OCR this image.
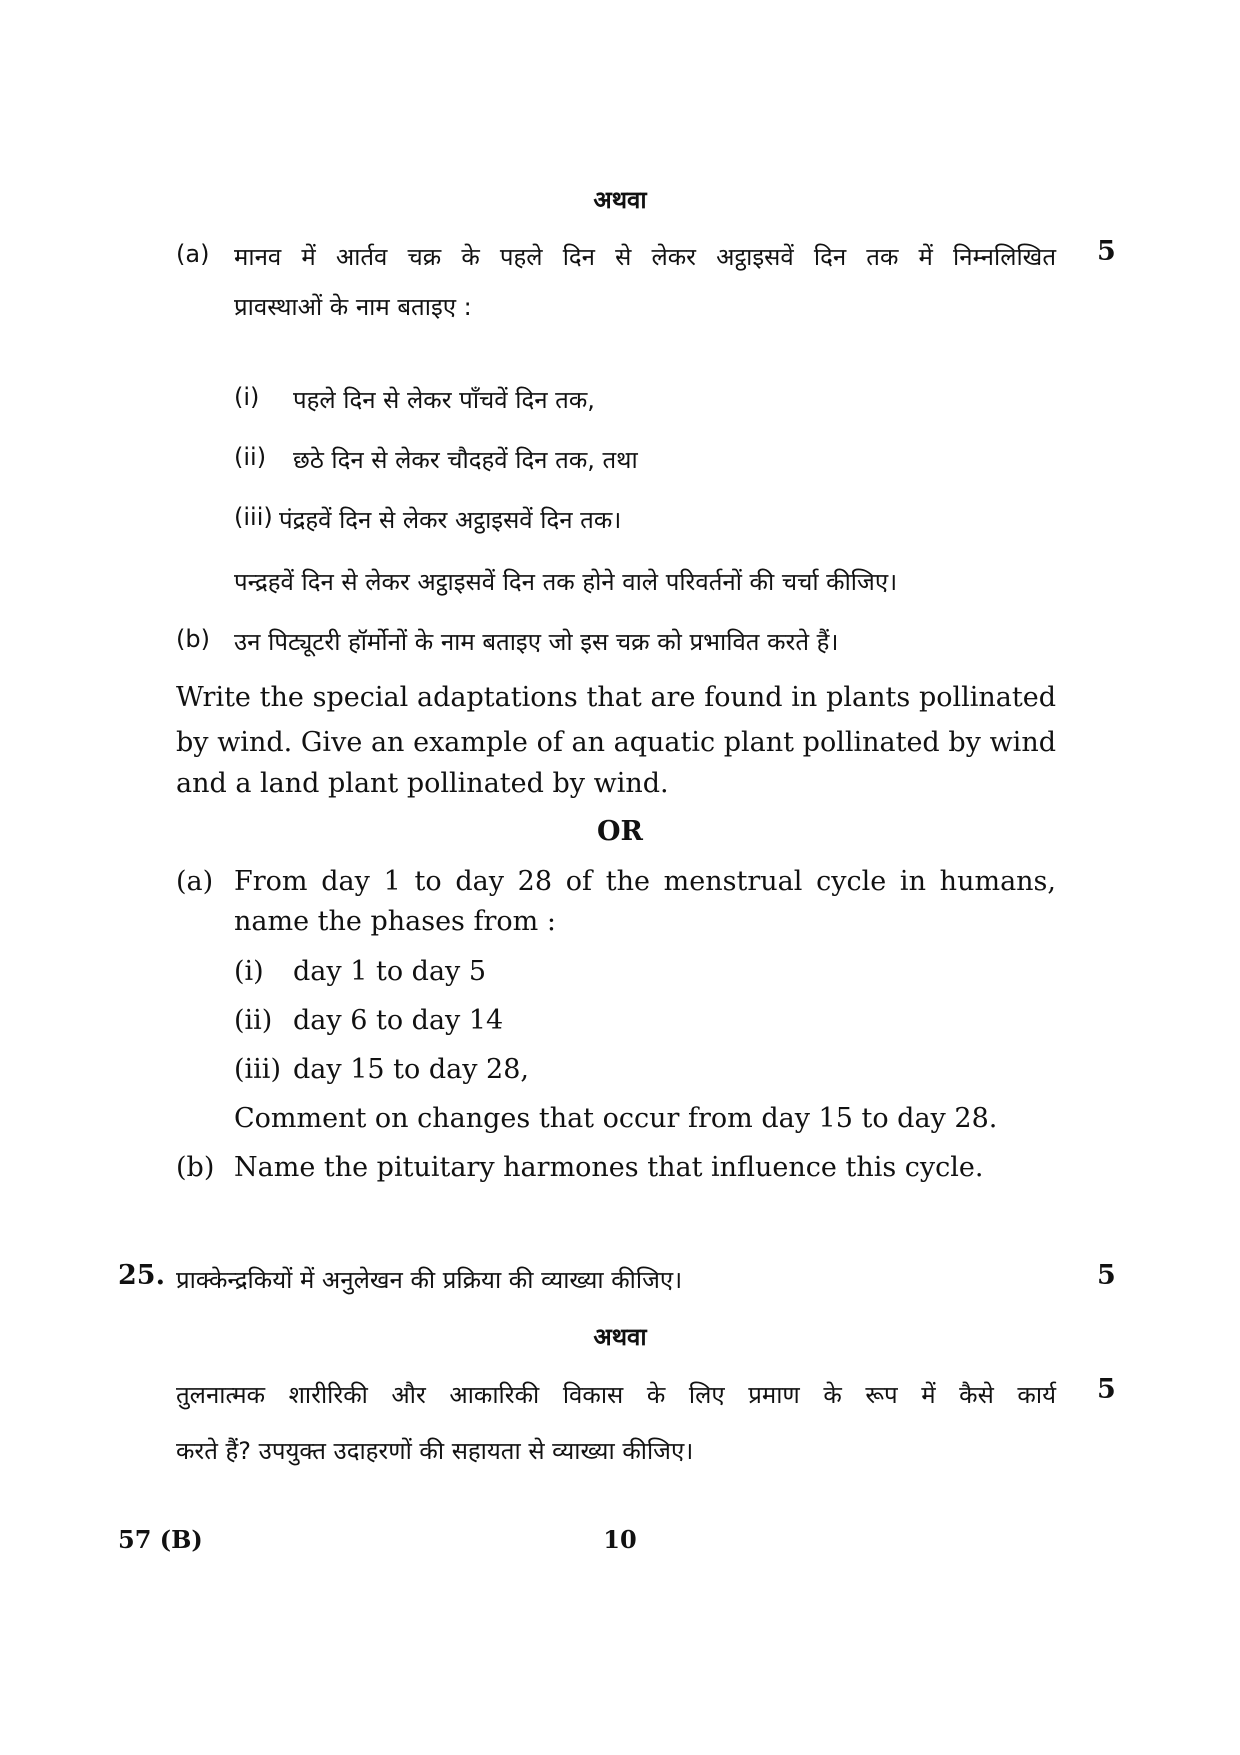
अथवा
(a) मानव में आर्तव चक्र के पहले दिन से लेकर अट्ठाइसवें दिन तक में निम्नलिखित 5
प्रावस्थाओं के नाम बताइए :
(i) पहले दिन से लेकर पाँचवें दिन तक,
(ii) छठे दिन से लेकर चौदहवें दिन तक, तथा
(iii) पंद्रहवें दिन से लेकर अट्ठाइसवें दिन तक।
पन्द्रहवें दिन से लेकर अट्ठाइसवें दिन तक होने वाले परिवर्तनों की चर्चा कीजिए।
(b) उन पिट्यूटरी हॉर्मोनों के नाम बताइए जो इस चक्र को प्रभावित करते हैं।
Write the special adaptations that are found in plants pollinated
by wind. Give an example of an aquatic plant pollinated by wind
and a land plant pollinated by wind.
OR
(a) From day 1 to day 28 of the menstrual cycle in humans,
name the phases from :
(i) day 1 to day 5
(ii) day 6 to day 14
(iii) day 15 to day 28,
Comment on changes that occur from day 15 to day 28.
(b) Name the pituitary harmones that influence this cycle.
25. प्राक्केन्द्रकियों में अनुलेखन की प्रक्रिया की व्याख्या कीजिए।	5
अथवा
तुलनात्मक शारीरिकी और आकारिकी विकास के लिए प्रमाण के रूप में कैसे कार्य 5
करते हैं? उपयुक्त उदाहरणों की सहायता से व्याख्या कीजिए।
57 (B)	10
